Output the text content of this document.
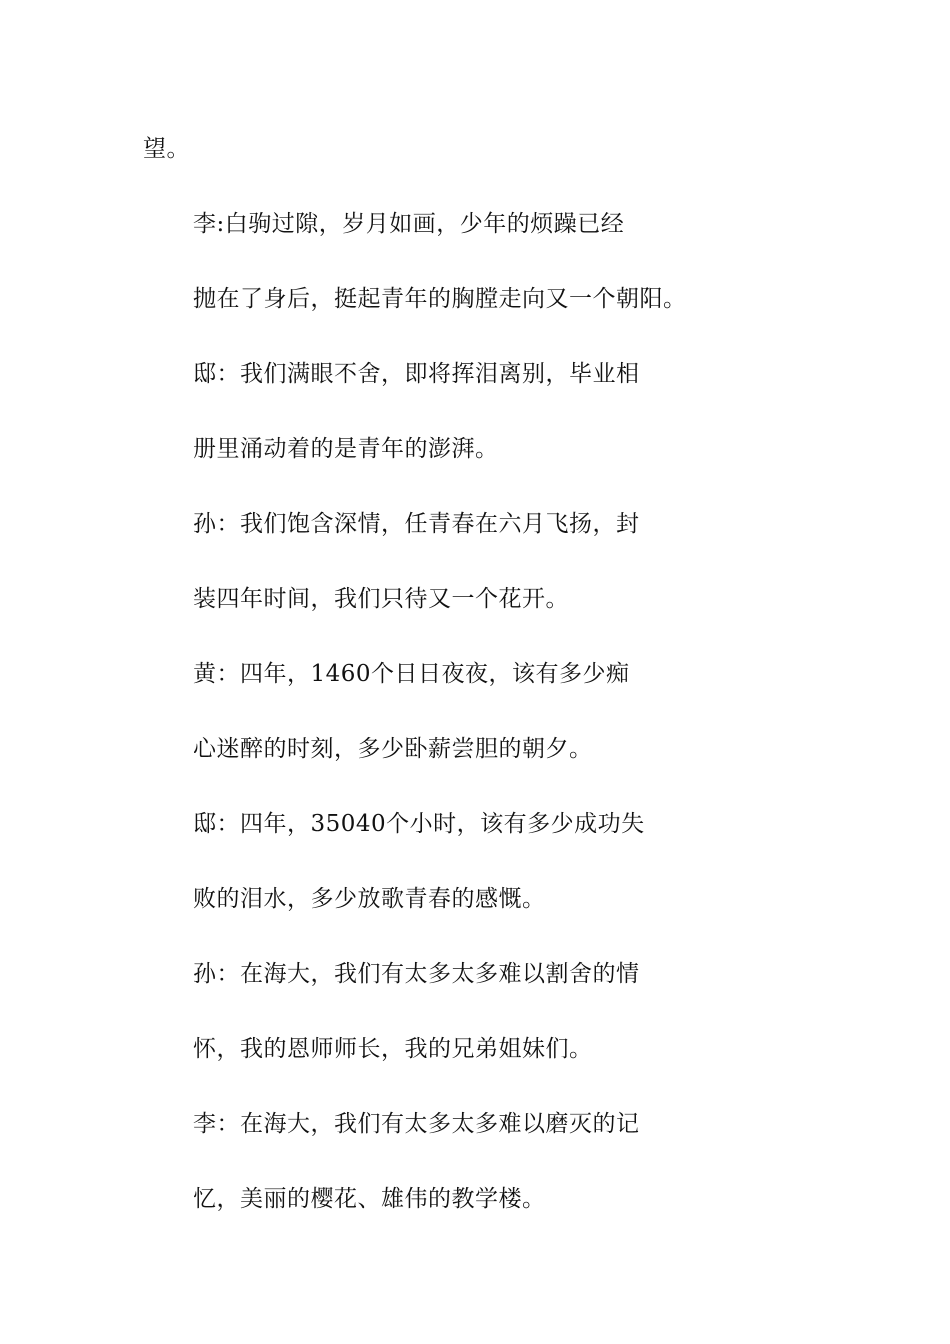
望。

李:白驹过隙，岁月如画，少年的烦躁已经

抛在了身后，挺起青年的胸膛走向又一个朝阳。

邸：我们满眼不舍，即将挥泪离别，毕业相

册里涌动着的是青年的澎湃。

孙：我们饱含深情，任青春在六月飞扬，封

装四年时间，我们只待又一个花开。

黄：四年，1460个日日夜夜，该有多少痴

心迷醉的时刻，多少卧薪尝胆的朝夕。

邸：四年，35040个小时，该有多少成功失

败的泪水，多少放歌青春的感慨。

孙：在海大，我们有太多太多难以割舍的情

怀，我的恩师师长，我的兄弟姐妹们。

李：在海大，我们有太多太多难以磨灭的记

忆，美丽的樱花、雄伟的教学楼。
